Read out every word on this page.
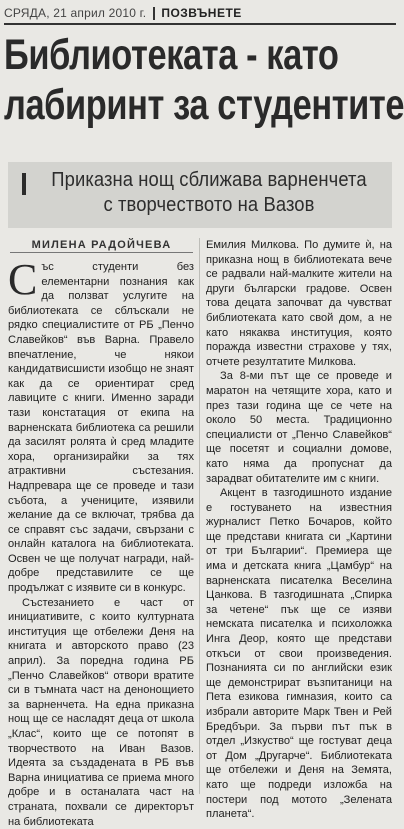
СРЯДА, 21 април 2010 г. ПОЗВЪНЕТЕ
Библиотеката - като
лабиринт за студентите
Приказна нощ сближава варненчета
с творчеството на Вазов
МИЛЕНА РАДОЙЧЕВА

Със студенти без елементарни познания как да ползват услугите на библиотеката се сблъскали не рядко специалистите от РБ „Пенчо Славейков“ във Варна. Правело впечатление, че някои кандидатвисшисти изобщо не знаят как да се ориентират сред лавиците с книги. Именно заради тази констатация от екипа на варненската библиотека са решили да засилят ролята ѝ сред младите хора, организирайки за тях атрактивни състезания. Надпревара ще се проведе и тази събота, а учениците, изявили желание да се включат, трябва да се справят със задачи, свързани с онлайн каталога на библиотеката. Освен че ще получат награди, най-добре представилите се ще продължат с изявите си в конкурс.

Състезанието е част от инициативите, с които културната институция ще отбележи Деня на книгата и авторското право (23 април). За поредна година РБ „Пенчо Славейков“ отвори вратите си в тъмната част на денонощието за варненчета. На една приказна нощ ще се насладят деца от школа „Клас“, които ще се потопят в творчеството на Иван Вазов. Идеята за създадената в РБ във Варна инициатива се приема много добре и в останалата част на страната, похвали се директорът на библиотеката

Емилия Милкова. По думите ѝ, на приказна нощ в библиотеката вече се радвали най-малките жители на други български градове. Освен това децата започват да чувстват библиотеката като свой дом, а не като някаква институция, която поражда известни страхове у тях, отчете резултатите Милкова.

За 8-ми път ще се проведе и маратон на четящите хора, като и през тази година ще се чете на около 50 места. Традиционно специалисти от „Пенчо Славейков“ ще посетят и социални домове, като няма да пропуснат да зарадват обитателите им с книги.

Акцент в тазгодишното издание е гостуването на известния журналист Петко Бочаров, който ще представи книгата си „Картини от три Българии“. Премиера ще има и детската книга „Цамбур“ на варненската писателка Веселина Цанкова. В тазгодишната „Спирка за четене“ пък ще се изяви немската писателка и психоложка Инга Деор, която ще представи откъси от свои произведения. Познанията си по английски език ще демонстрират възпитаници на Пета езикова гимназия, които са избрали авторите Марк Твен и Рей Бредбъри. За първи път пък в отдел „Изкуство“ ще гостуват деца от Дом „Другарче“. Библиотеката ще отбележи и Деня на Земята, като ще подреди изложба на постери под мотото „Зелената планета“.
